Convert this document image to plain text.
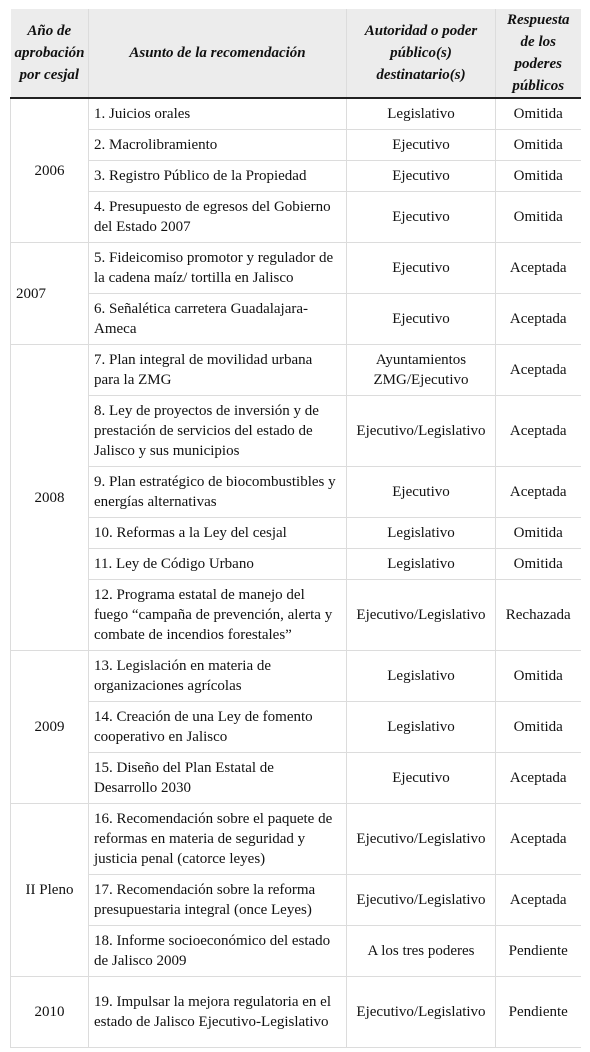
Año de aprobación por cesjal	Asunto de la recomendación	Autoridad o poder público(s) destinatario(s)	Respuesta de los poderes públicos
2006	1. Juicios orales	Legislativo	Omitida
	2. Macrolibramiento	Ejecutivo	Omitida
	3. Registro Público de la Propiedad	Ejecutivo	Omitida
	4. Presupuesto de egresos del Gobierno del Estado 2007	Ejecutivo	Omitida
2007	5. Fideicomiso promotor y regulador de la cadena maíz/ tortilla en Jalisco	Ejecutivo	Aceptada
	6. Señalética carretera Guadalajara-Ameca	Ejecutivo	Aceptada
2008	7. Plan integral de movilidad urbana para la ZMG	Ayuntamientos ZMG/Ejecutivo	Aceptada
	8. Ley de proyectos de inversión y de prestación de servicios del estado de Jalisco y sus municipios	Ejecutivo/Legislativo	Aceptada
	9. Plan estratégico de biocombustibles y energías alternativas	Ejecutivo	Aceptada
	10. Reformas a la Ley del cesjal	Legislativo	Omitida
	11. Ley de Código Urbano	Legislativo	Omitida
	12. Programa estatal de manejo del fuego “campaña de prevención, alerta y combate de incendios forestales”	Ejecutivo/Legislativo	Rechazada
2009	13. Legislación en materia de organizaciones agrícolas	Legislativo	Omitida
	14. Creación de una Ley de fomento cooperativo en Jalisco	Legislativo	Omitida
	15. Diseño del Plan Estatal de Desarrollo 2030	Ejecutivo	Aceptada
II Pleno	16. Recomendación sobre el paquete de reformas en materia de seguridad y justicia penal (catorce leyes)	Ejecutivo/Legislativo	Aceptada
	17. Recomendación sobre la reforma presupuestaria integral (once Leyes)	Ejecutivo/Legislativo	Aceptada
	18. Informe socioeconómico del estado de Jalisco 2009	A los tres poderes	Pendiente
2010	19. Impulsar la mejora regulatoria en el estado de Jalisco Ejecutivo-Legislativo	Ejecutivo/Legislativo	Pendiente
